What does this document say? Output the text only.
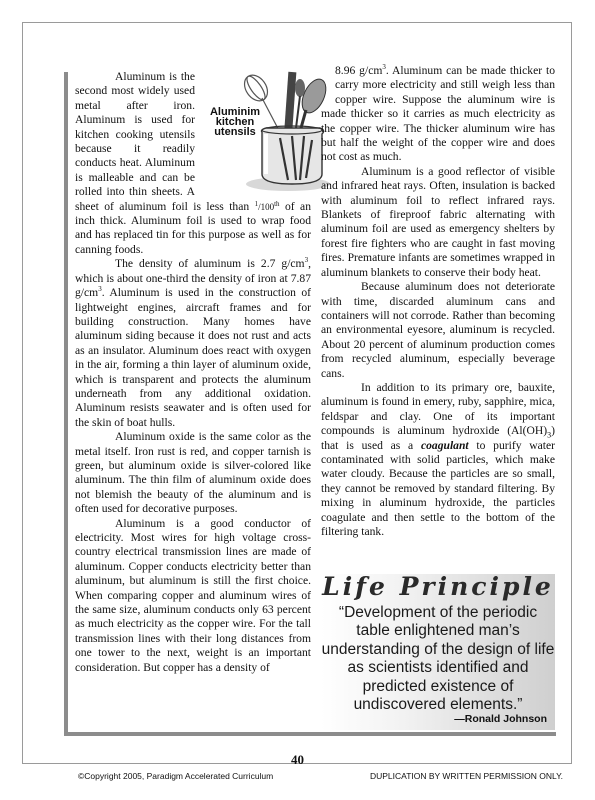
Aluminim kitchen utensils

Aluminum is the second most widely used metal after iron. Aluminum is used for kitchen cooking utensils because it readily conducts heat. Aluminum is malleable and can be rolled into thin sheets. A sheet of aluminum foil is less than $^1$/100th of an inch thick. Aluminum foil is used to wrap food and has replaced tin for this purpose as well as for canning foods.

The density of aluminum is 2.7 $g/cm^3$, which is about one-third the density of iron at 7.87 $g/cm^3$. Aluminum is used in the construction of lightweight engines, aircraft frames and for building construction. Many homes have aluminum siding because it does not rust and acts as an insulator. Aluminum does react with oxygen in the air, forming a thin layer of aluminum oxide, which is transparent and protects the aluminum underneath from any additional oxidation. Aluminum resists seawater and is often used for the skin of boat hulls.

Aluminum oxide is the same color as the metal itself. Iron rust is red, and copper tarnish is green, but aluminum oxide is silver-colored like aluminum. The thin film of aluminum oxide does not blemish the beauty of the aluminum and is often used for decorative purposes.

Aluminum is a good conductor of electricity. Most wires for high voltage cross-country electrical transmission lines are made of aluminum. Copper conducts electricity better than aluminum, but aluminum is still the first choice. When comparing copper and aluminum wires of the same size, aluminum conducts only 63 percent as much electricity as the copper wire. For the tall transmission lines with their long distances from one tower to the next, weight is an important consideration. But copper has a density of

8.96 $g/cm^3$. Aluminum can be made thicker to carry more electricity and still weigh less than copper wire. Suppose the aluminum wire is made thicker so it carries as much electricity as the copper wire. The thicker aluminum wire has but half the weight of the copper wire and does not cost as much.

Aluminum is a good reflector of visible and infrared heat rays. Often, insulation is backed with aluminum foil to reflect infrared rays. Blankets of fireproof fabric alternating with aluminum foil are used as emergency shelters by forest fire fighters who are caught in fast moving fires. Premature infants are sometimes wrapped in aluminum blankets to conserve their body heat.

Because aluminum does not deteriorate with time, discarded aluminum cans and containers will not corrode. Rather than becoming an environmental eyesore, aluminum is recycled. About 20 percent of aluminum production comes from recycled aluminum, especially beverage cans.

In addition to its primary ore, bauxite, aluminum is found in emery, ruby, sapphire, mica, feldspar and clay. One of its important compounds is aluminum hydroxide $(Al(OH)_3)$ that is used as a coagulant to purify water contaminated with solid particles, which make water cloudy. Because the particles are so small, they cannot be removed by standard filtering. By mixing in aluminum hydroxide, the particles coagulate and then settle to the bottom of the filtering tank.

Life Principle
“Development of the periodic table enlightened man’s understanding of the design of life as scientists identified and predicted existence of undiscovered elements.”
—Ronald Johnson
40
©Copyright 2005, Paradigm Accelerated Curriculum	DUPLICATION BY WRITTEN PERMISSION ONLY.
